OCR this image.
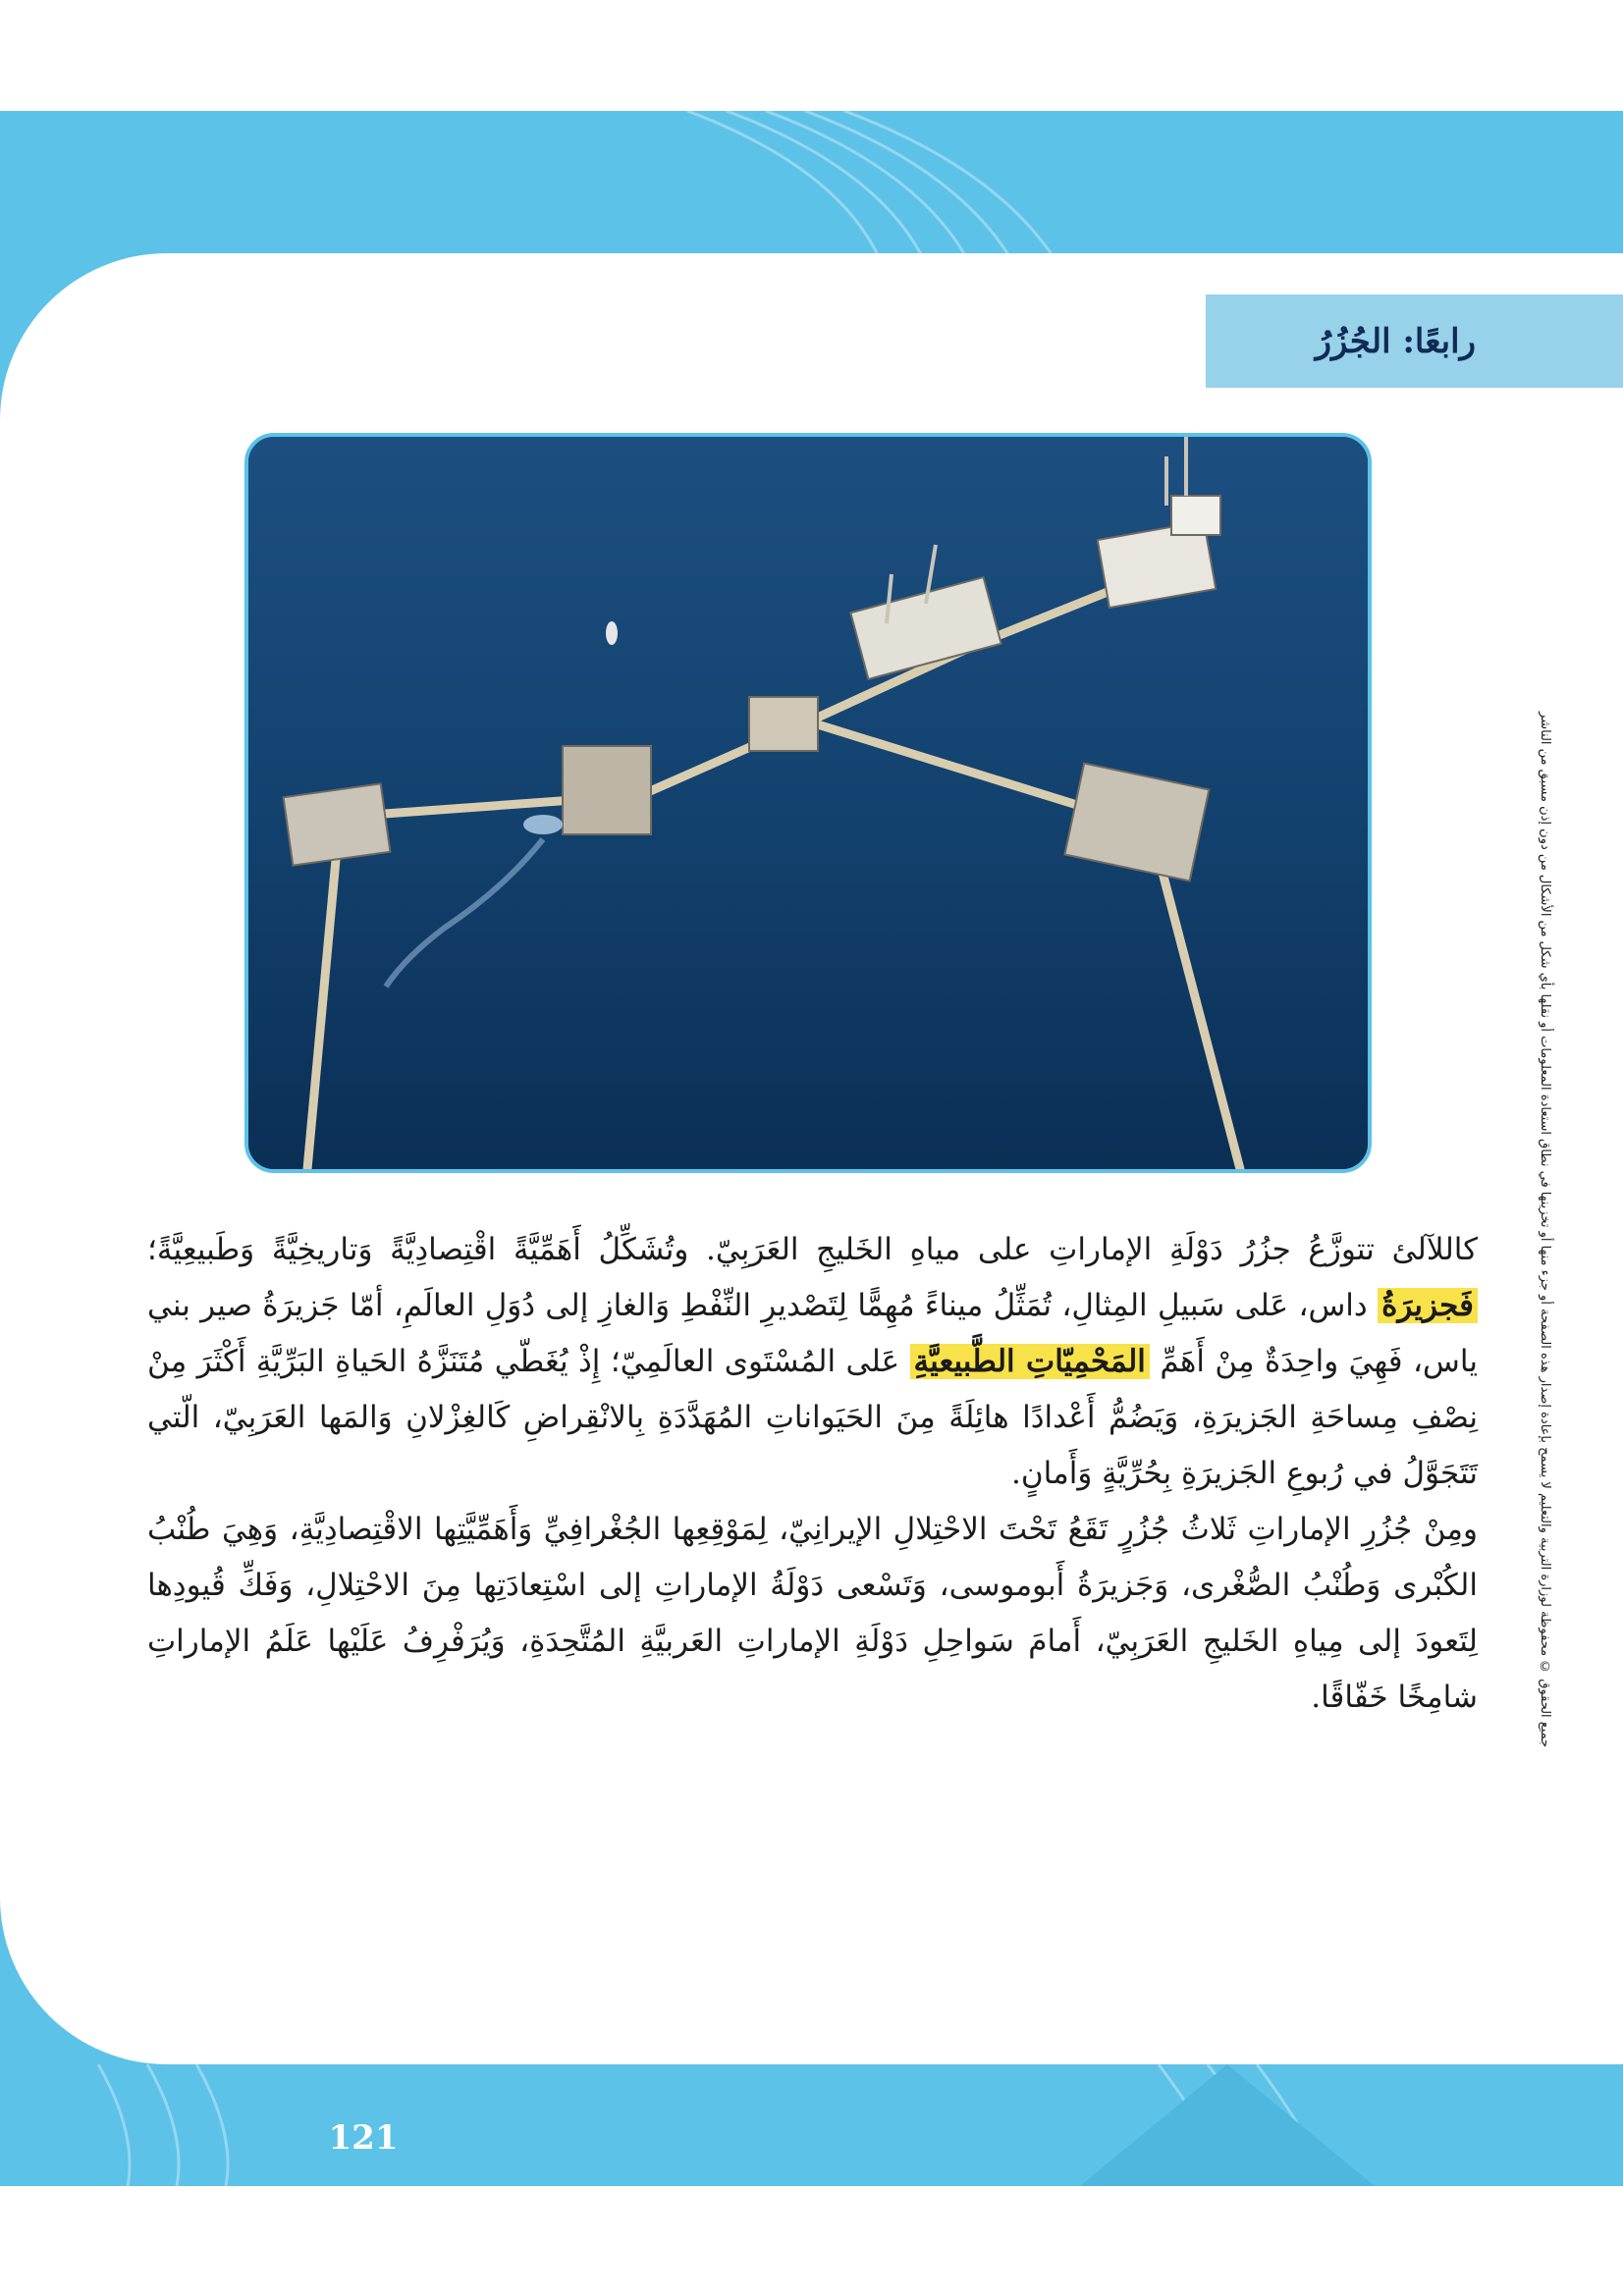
رابعًا: الجُزُرُ

كاللآلئ تتوزَّعُ جزُرُ دَوْلَةِ الإماراتِ على مياهِ الخَليجِ العَرَبِيّ. وتُشَكِّلُ أَهَمِّيَّةً اقْتِصادِيَّةً وَتاريخِيَّةً وَطَبيعِيَّةً؛ فَجزيرَةُ داس، عَلى سَبيلِ المِثالِ، تُمَثِّلُ ميناءً مُهِمًّا لِتَصْديرِ النِّفْطِ وَالغازِ إلى دُوَلِ العالَمِ، أمّا جَزيرَةُ صير بني ياس، فَهِيَ واحِدَةٌ مِنْ أَهَمِّ المَحْمِيّاتِ الطَّبيعيَّةِ عَلى المُسْتَوى العالَمِيّ؛ إِذْ يُغَطّي مُتَنَزَّهُ الحَياةِ البَرِّيَّةِ أَكْثَرَ مِنْ نِصْفِ مِساحَةِ الجَزيرَةِ، وَيَضُمُّ أَعْدادًا هائِلَةً مِنَ الحَيَواناتِ المُهَدَّدَةِ بِالانْقِراضِ كَالغِزْلانِ وَالمَها العَرَبِيّ، الّتي تَتَجَوَّلُ في رُبوعِ الجَزيرَةِ بِحُرِّيَّةٍ وَأَمانٍ.

ومِنْ جُزُرِ الإماراتِ ثَلاثُ جُزُرٍ تَقَعُ تَحْتَ الاحْتِلالِ الإيرانِيّ، لِمَوْقِعِها الجُغْرافِيِّ وَأَهَمِّيَّتِها الاقْتِصادِيَّةِ، وَهِيَ طُنْبُ الكُبْرى وَطُنْبُ الصُّغْرى، وَجَزيرَةُ أَبوموسى، وَتَسْعى دَوْلَةُ الإماراتِ إلى اسْتِعادَتِها مِنَ الاحْتِلالِ، وَفَكِّ قُيودِها لِتَعودَ إلى مِياهِ الخَليجِ العَرَبِيّ، أَمامَ سَواحِلِ دَوْلَةِ الإماراتِ العَربيَّةِ المُتَّحِدَةِ، وَيُرَفْرِفُ عَلَيْها عَلَمُ الإماراتِ شامِخًا خَفّاقًا.	جميع الحقوق © محفوظة لوزارة التربية والتعليم لا يسمح بإعادة إصدار هذه الصفحة أو جزء منها أو تخزينها في نطاق استعادة المعلومات أو نقلها بأي شكل من الأشكال من دون إذن مسبق من الناشر
121
